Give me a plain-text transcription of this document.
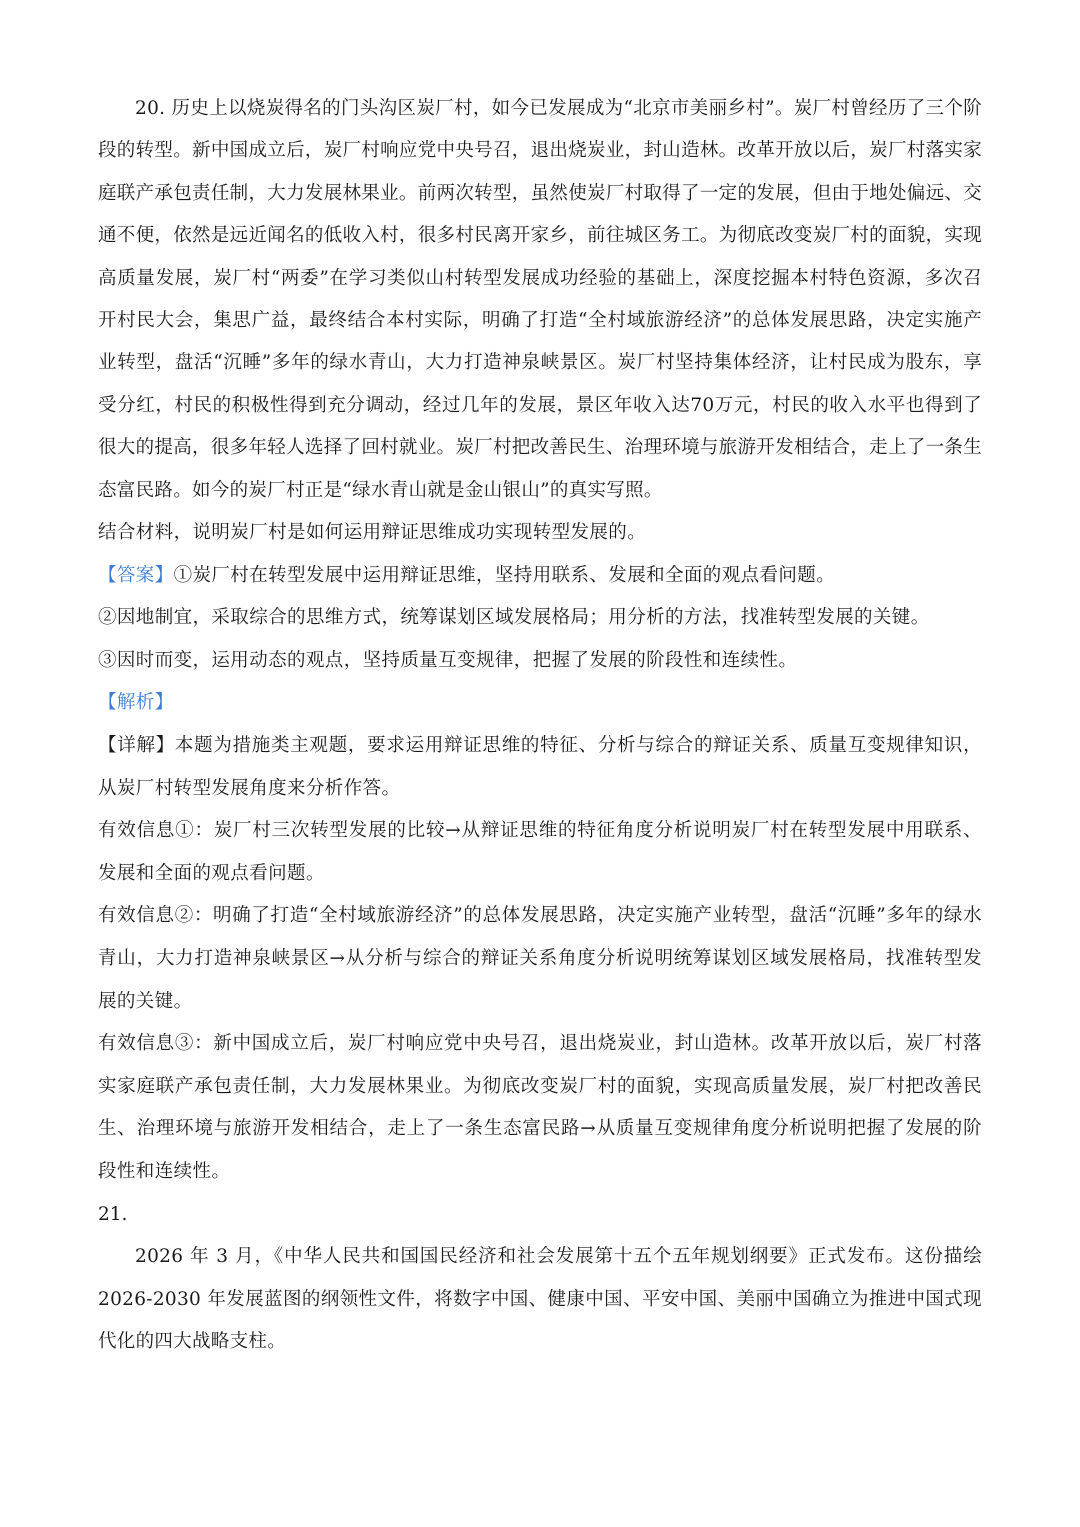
20. 历史上以烧炭得名的门头沟区炭厂村，如今已发展成为“北京市美丽乡村”。炭厂村曾经历了三个阶段的转型。新中国成立后，炭厂村响应党中央号召，退出烧炭业，封山造林。改革开放以后，炭厂村落实家庭联产承包责任制，大力发展林果业。前两次转型，虽然使炭厂村取得了一定的发展，但由于地处偏远、交通不便，依然是远近闻名的低收入村，很多村民离开家乡，前往城区务工。为彻底改变炭厂村的面貌，实现高质量发展，炭厂村“两委”在学习类似山村转型发展成功经验的基础上，深度挖掘本村特色资源，多次召开村民大会，集思广益，最终结合本村实际，明确了打造“全村域旅游经济”的总体发展思路，决定实施产业转型，盘活“沉睡”多年的绿水青山，大力打造神泉峡景区。炭厂村坚持集体经济，让村民成为股东，享受分红，村民的积极性得到充分调动，经过几年的发展，景区年收入达70万元，村民的收入水平也得到了很大的提高，很多年轻人选择了回村就业。炭厂村把改善民生、治理环境与旅游开发相结合，走上了一条生态富民路。如今的炭厂村正是“绿水青山就是金山银山”的真实写照。

结合材料，说明炭厂村是如何运用辩证思维成功实现转型发展的。

【答案】①炭厂村在转型发展中运用辩证思维，坚持用联系、发展和全面的观点看问题。

②因地制宜，采取综合的思维方式，统筹谋划区域发展格局；用分析的方法，找准转型发展的关键。

③因时而变，运用动态的观点，坚持质量互变规律，把握了发展的阶段性和连续性。

【解析】

【详解】本题为措施类主观题，要求运用辩证思维的特征、分析与综合的辩证关系、质量互变规律知识，从炭厂村转型发展角度来分析作答。

有效信息①：炭厂村三次转型发展的比较→从辩证思维的特征角度分析说明炭厂村在转型发展中用联系、发展和全面的观点看问题。

有效信息②：明确了打造“全村域旅游经济”的总体发展思路，决定实施产业转型，盘活“沉睡”多年的绿水青山，大力打造神泉峡景区→从分析与综合的辩证关系角度分析说明统筹谋划区域发展格局，找准转型发展的关键。

有效信息③：新中国成立后，炭厂村响应党中央号召，退出烧炭业，封山造林。改革开放以后，炭厂村落实家庭联产承包责任制，大力发展林果业。为彻底改变炭厂村的面貌，实现高质量发展，炭厂村把改善民生、治理环境与旅游开发相结合，走上了一条生态富民路→从质量互变规律角度分析说明把握了发展的阶段性和连续性。

21.

2026 年 3 月，《中华人民共和国国民经济和社会发展第十五个五年规划纲要》正式发布。这份描绘2026-2030 年发展蓝图的纲领性文件，将数字中国、健康中国、平安中国、美丽中国确立为推进中国式现代化的四大战略支柱。
